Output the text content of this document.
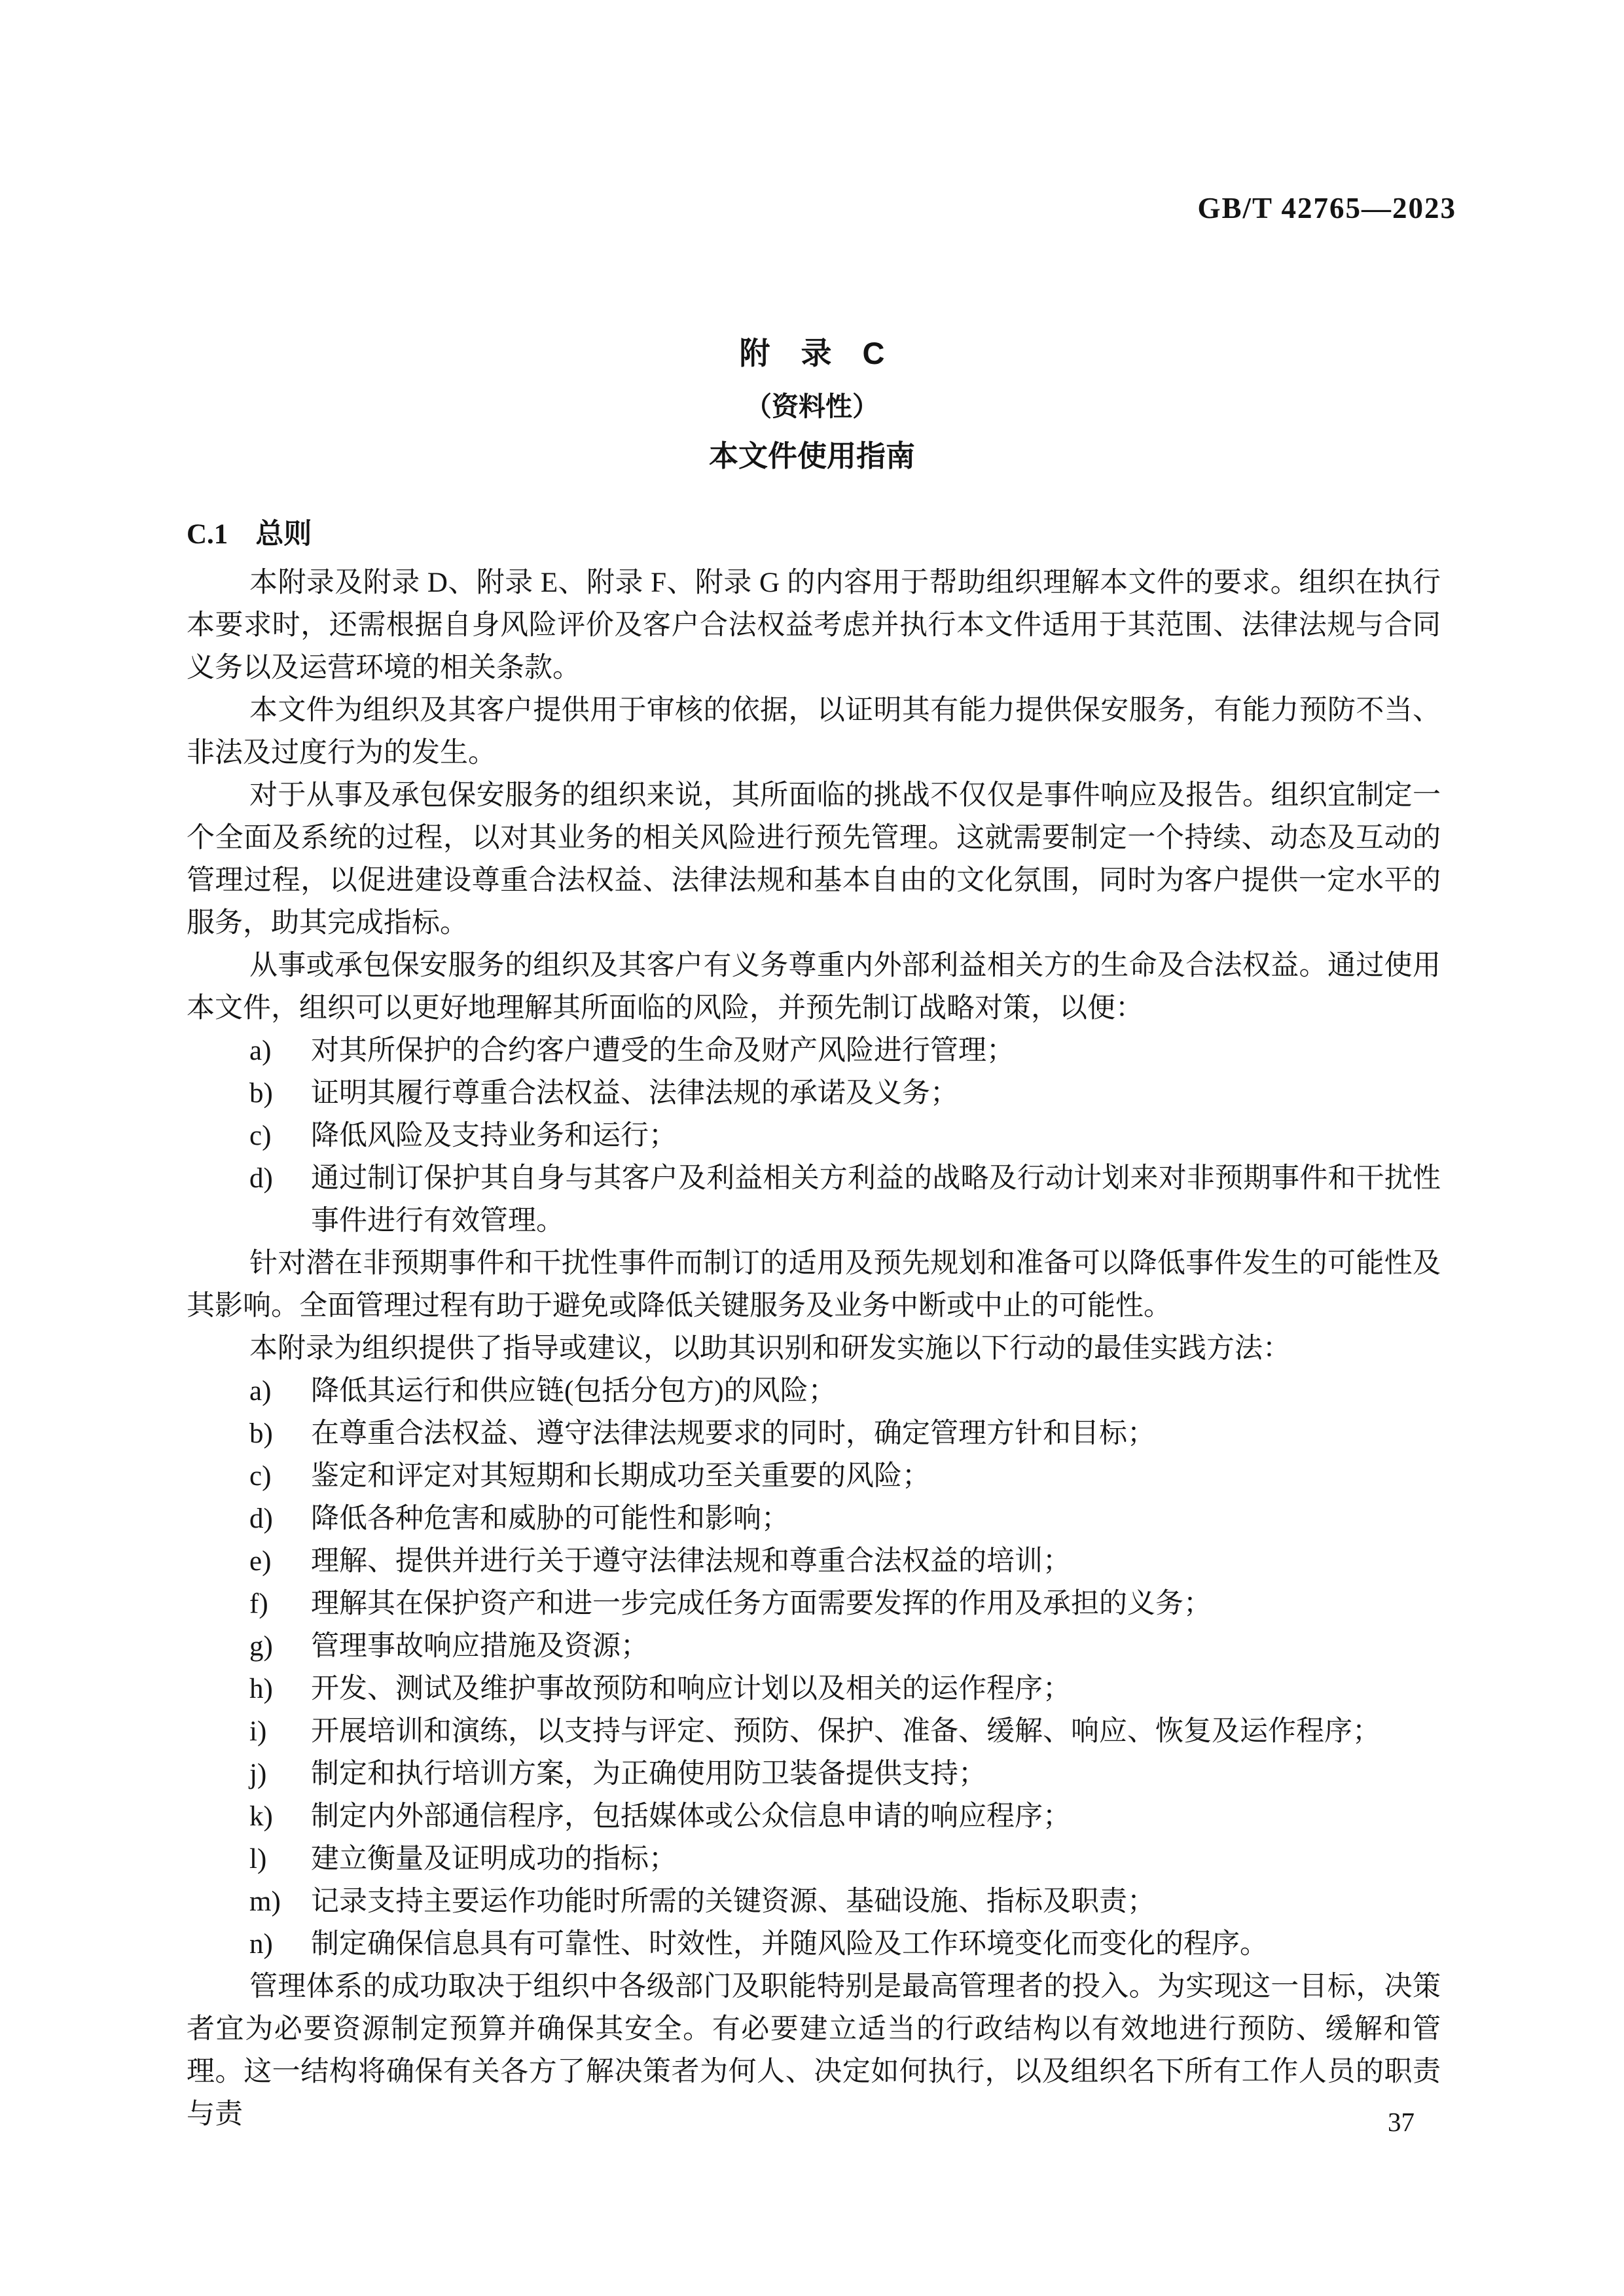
GB/T 42765—2023
附　录　C
（资料性）
本文件使用指南
C.1 总则

本附录及附录 D、附录 E、附录 F、附录 G 的内容用于帮助组织理解本文件的要求。组织在执行本要求时，还需根据自身风险评价及客户合法权益考虑并执行本文件适用于其范围、法律法规与合同义务以及运营环境的相关条款。

本文件为组织及其客户提供用于审核的依据，以证明其有能力提供保安服务，有能力预防不当、非法及过度行为的发生。

对于从事及承包保安服务的组织来说，其所面临的挑战不仅仅是事件响应及报告。组织宜制定一个全面及系统的过程，以对其业务的相关风险进行预先管理。这就需要制定一个持续、动态及互动的管理过程，以促进建设尊重合法权益、法律法规和基本自由的文化氛围，同时为客户提供一定水平的服务，助其完成指标。

从事或承包保安服务的组织及其客户有义务尊重内外部利益相关方的生命及合法权益。通过使用本文件，组织可以更好地理解其所面临的风险，并预先制订战略对策，以便：

a) 对其所保护的合约客户遭受的生命及财产风险进行管理；
b) 证明其履行尊重合法权益、法律法规的承诺及义务；
c) 降低风险及支持业务和运行；
d) 通过制订保护其自身与其客户及利益相关方利益的战略及行动计划来对非预期事件和干扰性事件进行有效管理。

针对潜在非预期事件和干扰性事件而制订的适用及预先规划和准备可以降低事件发生的可能性及其影响。全面管理过程有助于避免或降低关键服务及业务中断或中止的可能性。

本附录为组织提供了指导或建议，以助其识别和研发实施以下行动的最佳实践方法：

a) 降低其运行和供应链(包括分包方)的风险；
b) 在尊重合法权益、遵守法律法规要求的同时，确定管理方针和目标；
c) 鉴定和评定对其短期和长期成功至关重要的风险；
d) 降低各种危害和威胁的可能性和影响；
e) 理解、提供并进行关于遵守法律法规和尊重合法权益的培训；
f) 理解其在保护资产和进一步完成任务方面需要发挥的作用及承担的义务；
g) 管理事故响应措施及资源；
h) 开发、测试及维护事故预防和响应计划以及相关的运作程序；
i) 开展培训和演练，以支持与评定、预防、保护、准备、缓解、响应、恢复及运作程序；
j) 制定和执行培训方案，为正确使用防卫装备提供支持；
k) 制定内外部通信程序，包括媒体或公众信息申请的响应程序；
l) 建立衡量及证明成功的指标；
m) 记录支持主要运作功能时所需的关键资源、基础设施、指标及职责；
n) 制定确保信息具有可靠性、时效性，并随风险及工作环境变化而变化的程序。

管理体系的成功取决于组织中各级部门及职能特别是最高管理者的投入。为实现这一目标，决策者宜为必要资源制定预算并确保其安全。有必要建立适当的行政结构以有效地进行预防、缓解和管理。这一结构将确保有关各方了解决策者为何人、决定如何执行，以及组织名下所有工作人员的职责与责	37
